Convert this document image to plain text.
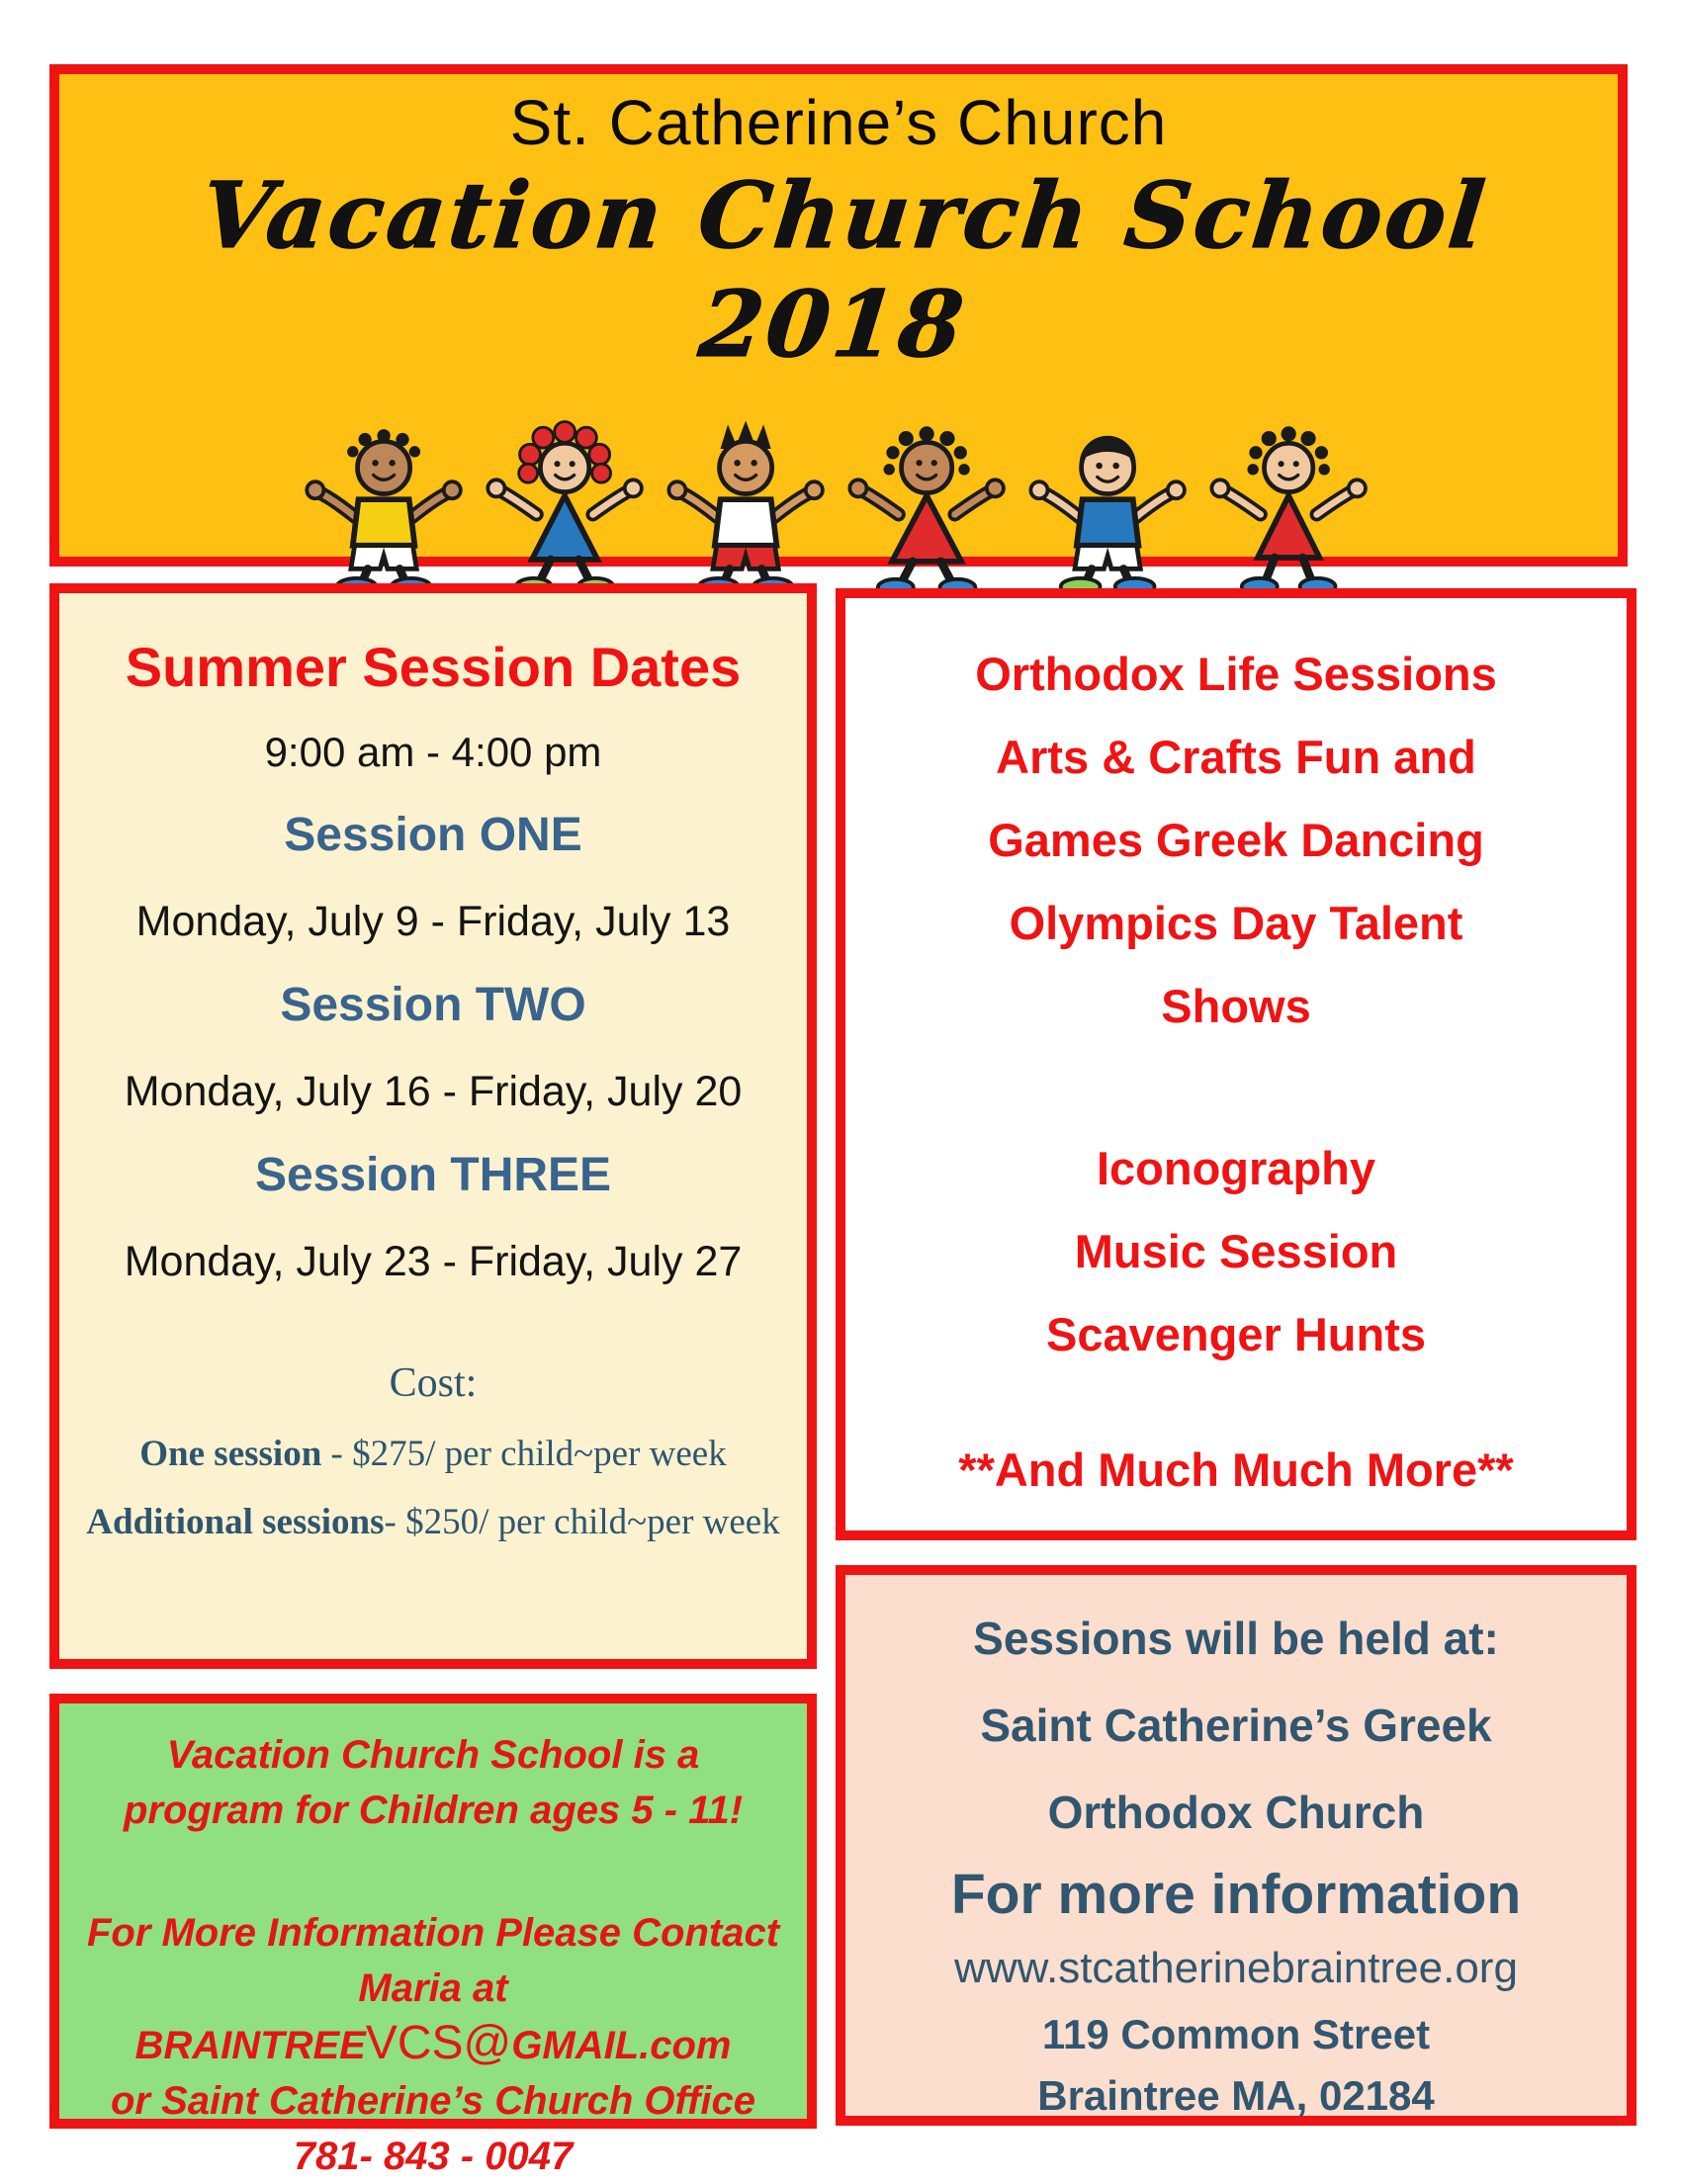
St. Catherine’s Church
Vacation Church School 2018
Summer Session Dates
9:00 am - 4:00 pm
Session ONE
Monday, July 9 - Friday, July 13
Session TWO
Monday, July 16 - Friday, July 20
Session THREE
Monday, July 23 - Friday, July 27
Cost:
One session - $275/ per child~per week
Additional sessions- $250/ per child~per week

Orthodox Life Sessions

Arts & Crafts Fun and

Games Greek Dancing

Olympics Day Talent

Shows

Iconography

Music Session

Scavenger Hunts

**And Much Much More**

Sessions will be held at:

Saint Catherine’s Greek

Orthodox Church

For more information

www.stcatherinebraintree.org

119 Common Street

Braintree MA, 02184

Vacation Church School is a

program for Children ages 5 - 11!

For More Information Please Contact

Maria at BRAINTREEVCS@GMAIL.com

or Saint Catherine’s Church Office

781- 843 - 0047
